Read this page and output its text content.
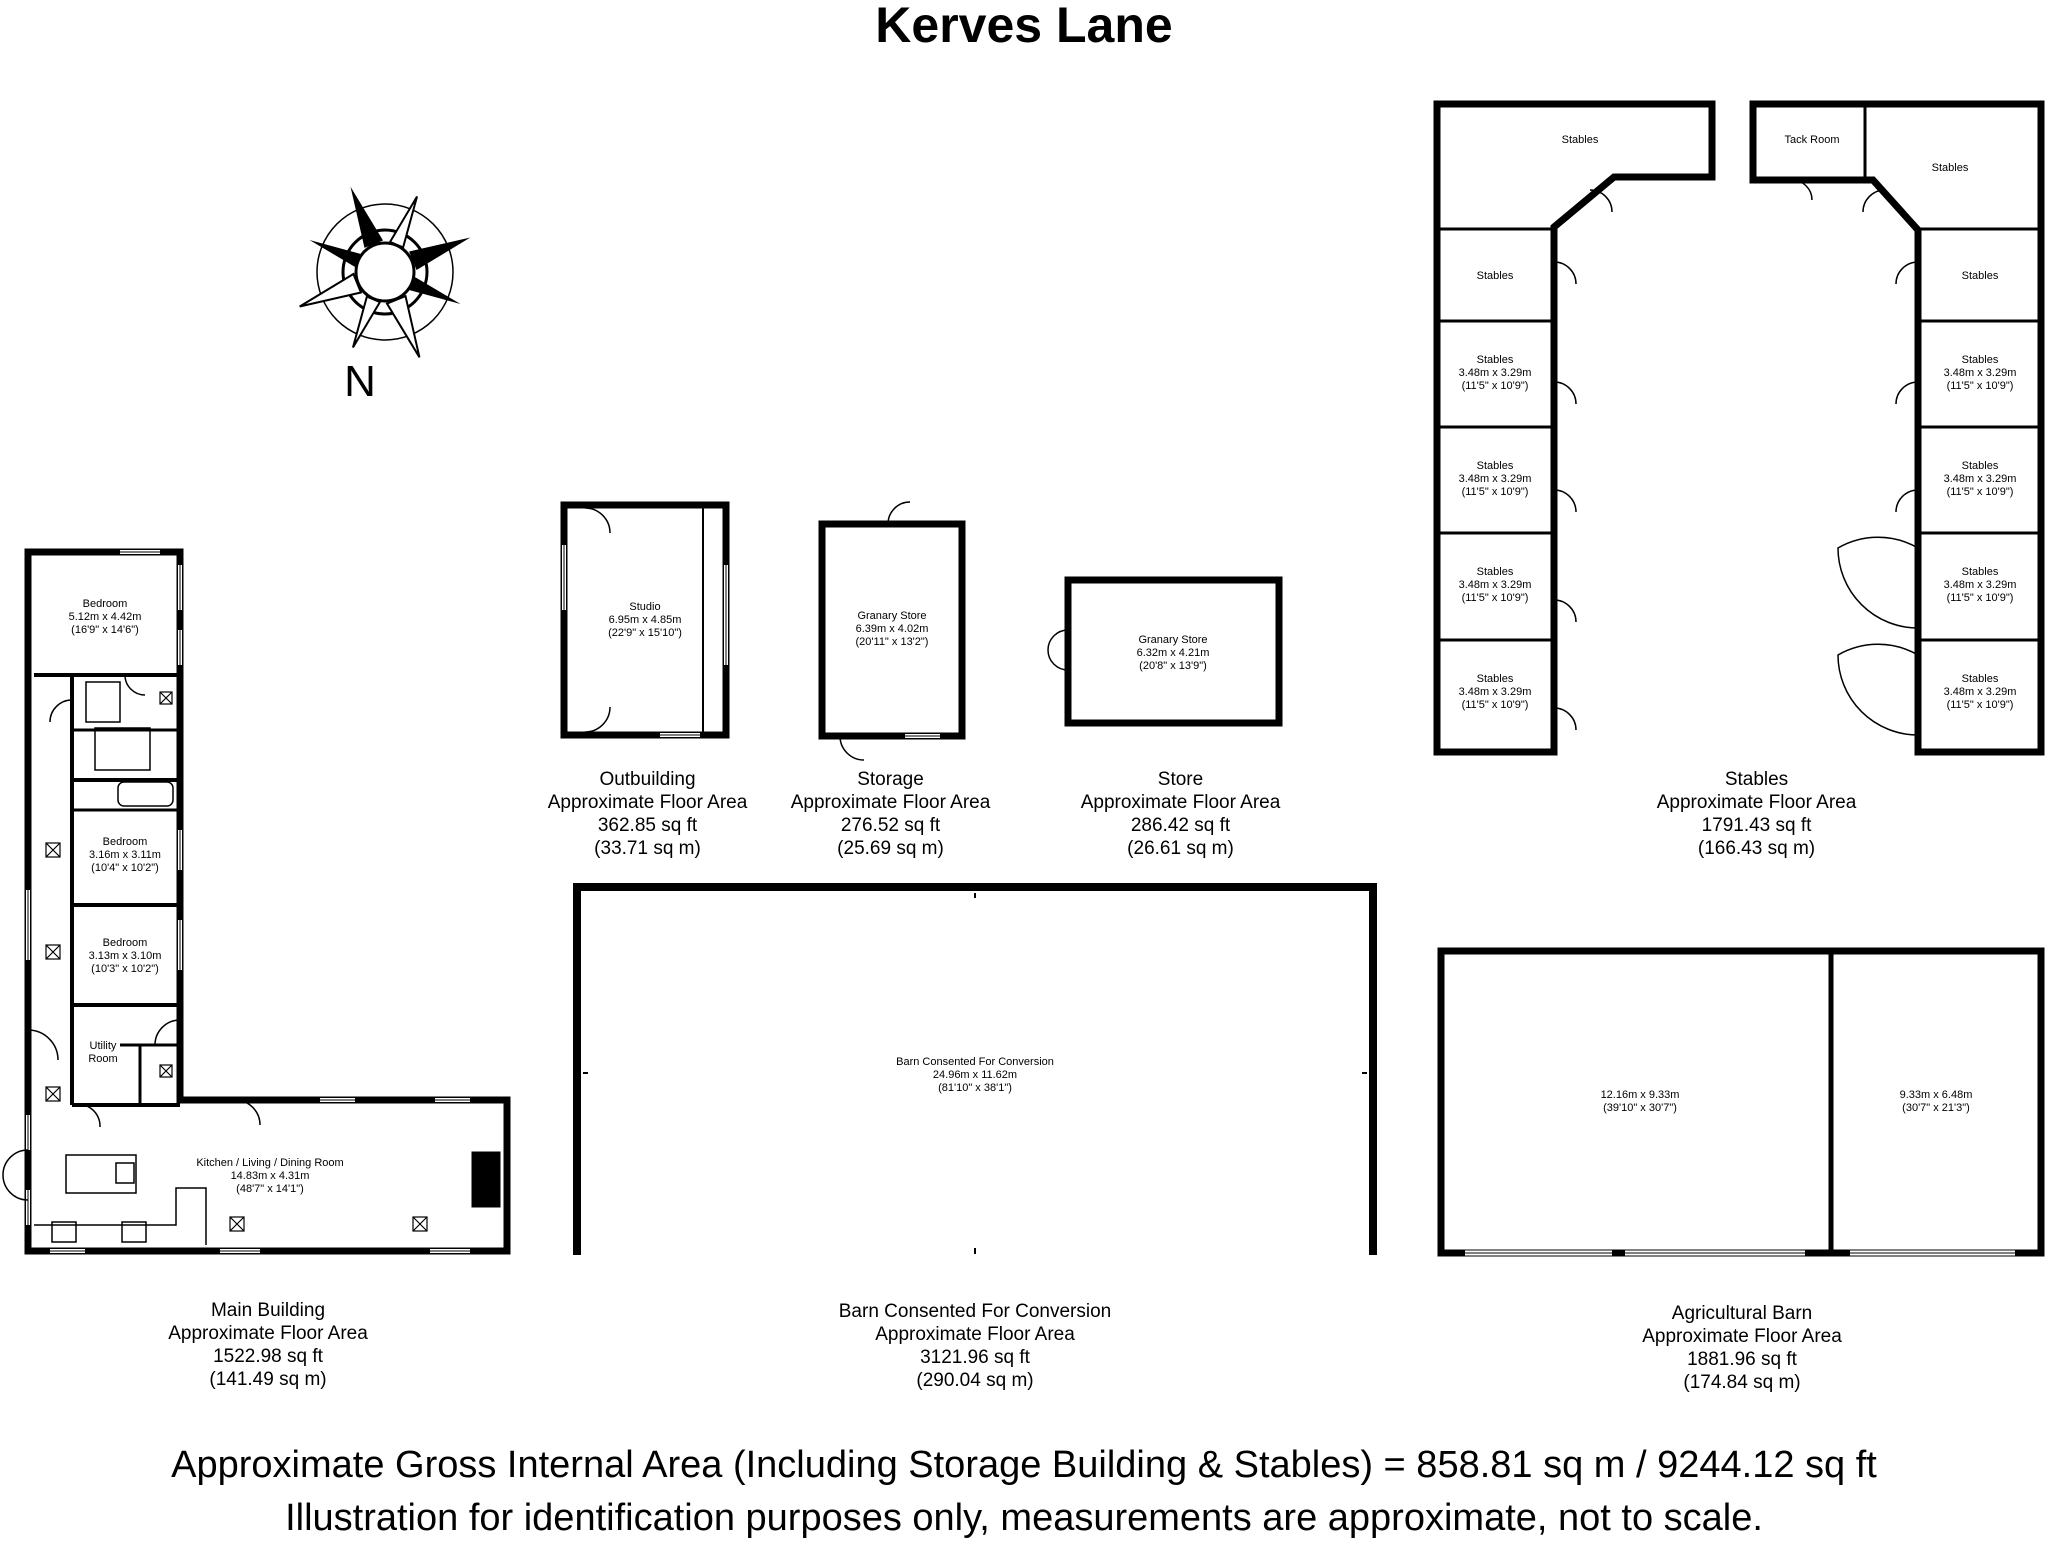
Kerves Lane
N
Bedroom
5.12m x 4.42m
(16'9" x 14'6")
Bedroom
3.16m x 3.11m
(10'4" x 10'2")
Bedroom
3.13m x 3.10m
(10'3" x 10'2")
Utility
Room
Kitchen / Living / Dining Room
14.83m x 4.31m
(48'7" x 14'1")
Studio
6.95m x 4.85m
(22'9" x 15'10")
Granary Store
6.39m x 4.02m
(20'11" x 13'2")	Granary Store
6.32m x 4.21m
(20'8" x 13'9")
Barn Consented For Conversion
24.96m x 11.62m
(81'10" x 38'1")
12.16m x 9.33m
(39'10" x 30'7")
9.33m x 6.48m
(30'7" x 21'3")
Stables	Tack Room
Stables
Stables	Stables
Stables
3.48m x 3.29m
(11'5" x 10'9")
Stables
3.48m x 3.29m
(11'5" x 10'9")
Stables
3.48m x 3.29m
(11'5" x 10'9")
Stables
3.48m x 3.29m
(11'5" x 10'9")
Stables
3.48m x 3.29m
(11'5" x 10'9")
Stables
3.48m x 3.29m
(11'5" x 10'9")
Stables
3.48m x 3.29m
(11'5" x 10'9")
Stables
3.48m x 3.29m
(11'5" x 10'9")
Outbuilding
Approximate Floor Area
362.85 sq ft
(33.71 sq m)
Storage
Approximate Floor Area
276.52 sq ft
(25.69 sq m)
Store
Approximate Floor Area
286.42 sq ft
(26.61 sq m)
Stables
Approximate Floor Area
1791.43 sq ft
(166.43 sq m)
Main Building
Approximate Floor Area
1522.98 sq ft
(141.49 sq m)
Barn Consented For Conversion
Approximate Floor Area
3121.96 sq ft
(290.04 sq m)
Agricultural Barn
Approximate Floor Area
1881.96 sq ft
(174.84 sq m)
Approximate Gross Internal Area (Including Storage Building & Stables) = 858.81 sq m / 9244.12 sq ft
Illustration for identification purposes only, measurements are approximate, not to scale.
